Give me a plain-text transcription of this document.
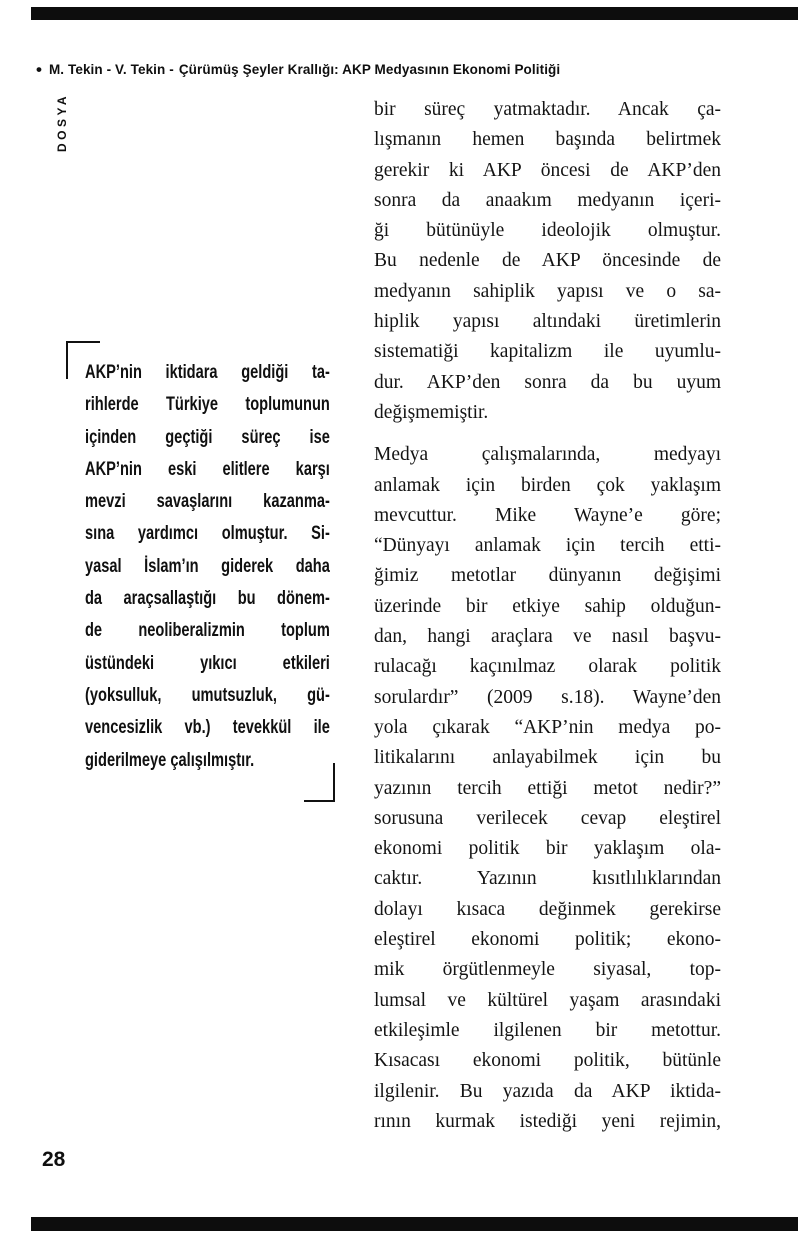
• M. Tekin - V. Tekin - Çürümüş Şeyler Krallığı: AKP Medyasının Ekonomi Politiği
DOSYA
AKP’nin iktidara geldiği ta-
rihlerde Türkiye toplumunun
içinden geçtiği süreç ise
AKP’nin eski elitlere karşı
mevzi savaşlarını kazanma-
sına yardımcı olmuştur. Si-
yasal İslam’ın giderek daha
da araçsallaştığı bu dönem-
de neoliberalizmin toplum
üstündeki yıkıcı etkileri
(yoksulluk, umutsuzluk, gü-
vencesizlik vb.) tevekkül ile
giderilmeye çalışılmıştır.
bir süreç yatmaktadır. Ancak ça-
lışmanın hemen başında belirtmek
gerekir ki AKP öncesi de AKP’den
sonra da anaakım medyanın içeri-
ği bütünüyle ideolojik olmuştur.
Bu nedenle de AKP öncesinde de
medyanın sahiplik yapısı ve o sa-
hiplik yapısı altındaki üretimlerin
sistematiği kapitalizm ile uyumlu-
dur. AKP’den sonra da bu uyum
değişmemiştir.
Medya çalışmalarında, medyayı
anlamak için birden çok yaklaşım
mevcuttur. Mike Wayne’e göre;
“Dünyayı anlamak için tercih etti-
ğimiz metotlar dünyanın değişimi
üzerinde bir etkiye sahip olduğun-
dan, hangi araçlara ve nasıl başvu-
rulacağı kaçınılmaz olarak politik
sorulardır” (2009 s.18). Wayne’den
yola çıkarak “AKP’nin medya po-
litikalarını anlayabilmek için bu
yazının tercih ettiği metot nedir?”
sorusuna verilecek cevap eleştirel
ekonomi politik bir yaklaşım ola-
caktır. Yazının kısıtlılıklarından
dolayı kısaca değinmek gerekirse
eleştirel ekonomi politik; ekono-
mik örgütlenmeyle siyasal, top-
lumsal ve kültürel yaşam arasındaki
etkileşimle ilgilenen bir metottur.
Kısacası ekonomi politik, bütünle
ilgilenir. Bu yazıda da AKP iktida-
rının kurmak istediği yeni rejimin,
28
